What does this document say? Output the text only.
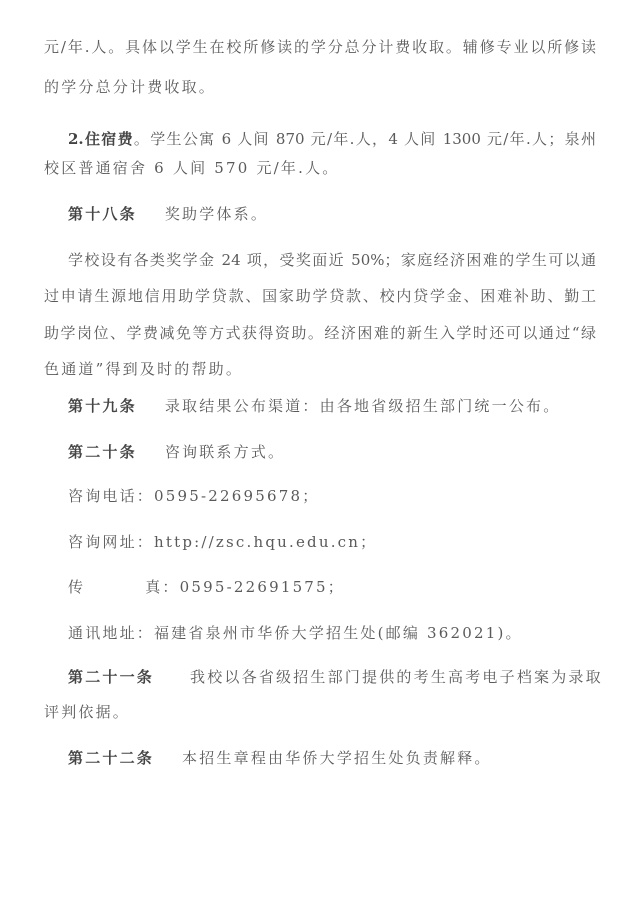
元/年.人。具体以学生在校所修读的学分总分计费收取。辅修专业以所修读
的学分总分计费收取。
2.住宿费。学生公寓 6 人间 870 元/年.人，4 人间 1300 元/年.人；泉州
校区普通宿舍 6 人间 570 元/年.人。
第十八条 奖助学体系。
学校设有各类奖学金 24 项，受奖面近 50%；家庭经济困难的学生可以通
过申请生源地信用助学贷款、国家助学贷款、校内贷学金、困难补助、勤工
助学岗位、学费减免等方式获得资助。经济困难的新生入学时还可以通过“绿
色通道”得到及时的帮助。
第十九条 录取结果公布渠道：由各地省级招生部门统一公布。
第二十条 咨询联系方式。
咨询电话：0595-22695678；
咨询网址：http://zsc.hqu.edu.cn；
传	真：0595-22691575；
通讯地址：福建省泉州市华侨大学招生处(邮编 362021)。
第二十一条 我校以各省级招生部门提供的考生高考电子档案为录取
评判依据。
第二十二条 本招生章程由华侨大学招生处负责解释。
